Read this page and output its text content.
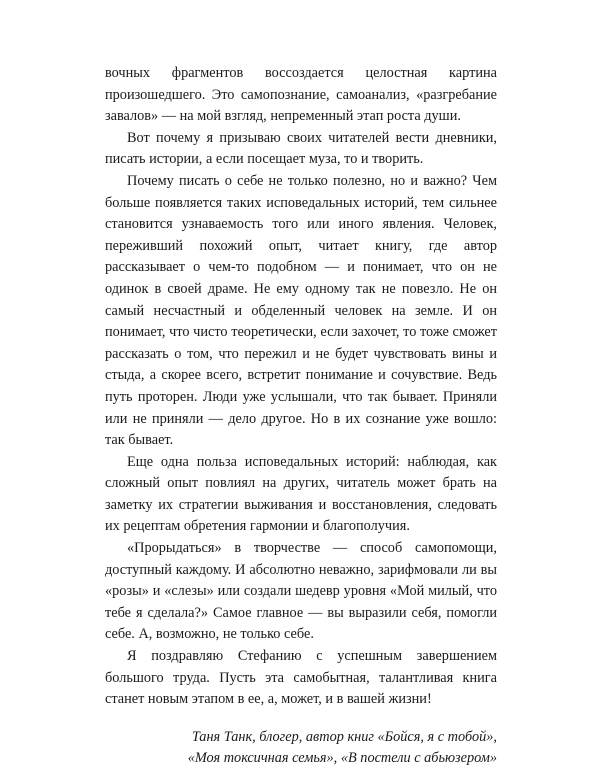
вочных фрагментов воссоздается целостная картина произошедшего. Это самопознание, самоанализ, «разгребание завалов» — на мой взгляд, непременный этап роста души.

Вот почему я призываю своих читателей вести дневники, писать истории, а если посещает муза, то и творить.

Почему писать о себе не только полезно, но и важно? Чем больше появляется таких исповедальных историй, тем сильнее становится узнаваемость того или иного явления. Человек, переживший похожий опыт, читает книгу, где автор рассказывает о чем-то подобном — и понимает, что он не одинок в своей драме. Не ему одному так не повезло. Не он самый несчастный и обделенный человек на земле. И он понимает, что чисто теоретически, если захочет, то тоже сможет рассказать о том, что пережил и не будет чувствовать вины и стыда, а скорее всего, встретит понимание и сочувствие. Ведь путь проторен. Люди уже услышали, что так бывает. Приняли или не приняли — дело другое. Но в их сознание уже вошло: так бывает.

Еще одна польза исповедальных историй: наблюдая, как сложный опыт повлиял на других, читатель может брать на заметку их стратегии выживания и восстановления, следовать их рецептам обретения гармонии и благополучия.

«Прорыдаться» в творчестве — способ самопомощи, доступный каждому. И абсолютно неважно, зарифмовали ли вы «розы» и «слезы» или создали шедевр уровня «Мой милый, что тебе я сделала?» Самое главное — вы выразили себя, помогли себе. А, возможно, не только себе.

Я поздравляю Стефанию с успешным завершением большого труда. Пусть эта самобытная, талантливая книга станет новым этапом в ее, а, может, и в вашей жизни!

Таня Танк, блогер, автор книг «Бойся, я с тобой»,
«Моя токсичная семья», «В постели с абьюзером»
